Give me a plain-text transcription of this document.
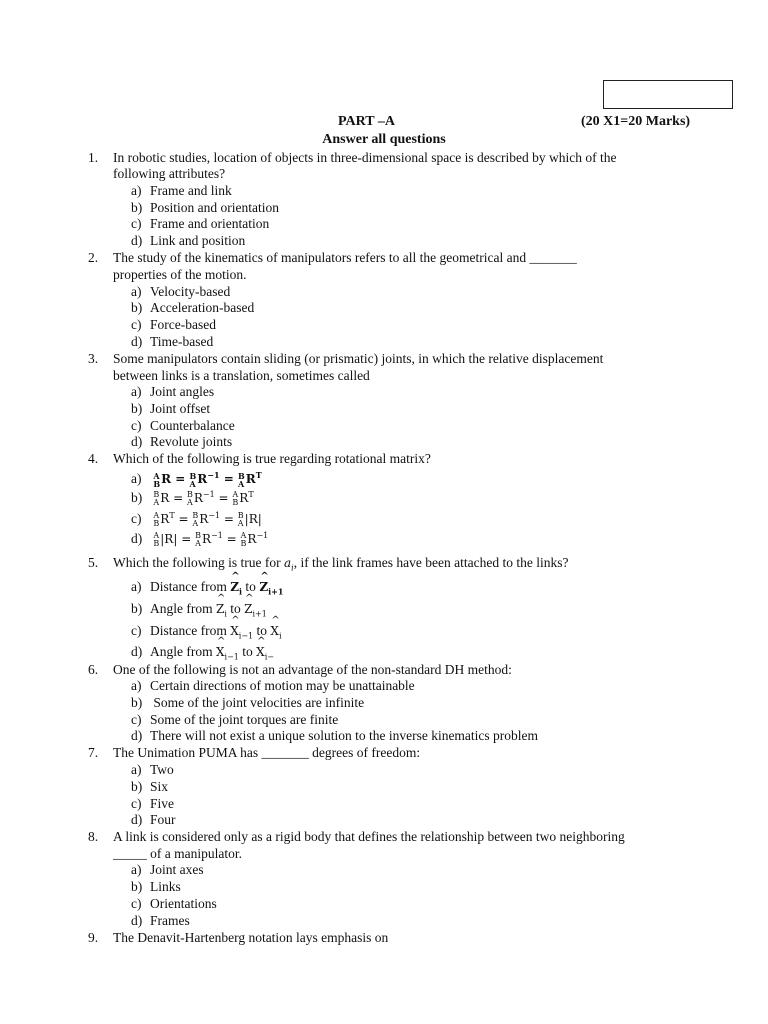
PART –A	(20 X1=20 Marks)
Answer all questions
1. In robotic studies, location of objects in three-dimensional space is described by which of the
following attributes?
a) Frame and link
b) Position and orientation
c) Frame and orientation
d) Link and position
2. The study of the kinematics of manipulators refers to all the geometrical and _______
properties of the motion.
a) Velocity-based
b) Acceleration-based
c) Force-based
d) Time-based
3. Some manipulators contain sliding (or prismatic) joints, in which the relative displacement
between links is a translation, sometimes called
a) Joint angles
b) Joint offset
c) Counterbalance
d) Revolute joints
4. Which of the following is true regarding rotational matrix?
a) A
B R = B
A $R^{-1} = B$
A $R^T$
b) B
A R = B
A $R^{-1} = A$
B $R^T$
c) A
B $R^T = B$
A $R^{-1} = B$
A |R|
d) A
B |R| = B
A $R^{-1} = A$
B $R^{-1}$
5. Which the following is true for $a_i$, if the link frames have been attached to the links?
a) Distance from ^ $Z_i$ to ^ $Z_{i+1}$
b) Angle from ^ $Z_i$ to ^ $Z_{i+1}$
c) Distance from ^ $X_{i-1}$ to ^ $X_i$
d) Angle from ^ $X_{i-1}$ to ^ $X_{i-}$
6. One of the following is not an advantage of the non-standard DH method:
a) Certain directions of motion may be unattainable
b) Some of the joint velocities are infinite
c) Some of the joint torques are finite
d) There will not exist a unique solution to the inverse kinematics problem
7. The Unimation PUMA has _______ degrees of freedom:
a) Two
b) Six
c) Five
d) Four
8. A link is considered only as a rigid body that defines the relationship between two neighboring
_____ of a manipulator.
a) Joint axes
b) Links
c) Orientations
d) Frames
9. The Denavit-Hartenberg notation lays emphasis on
